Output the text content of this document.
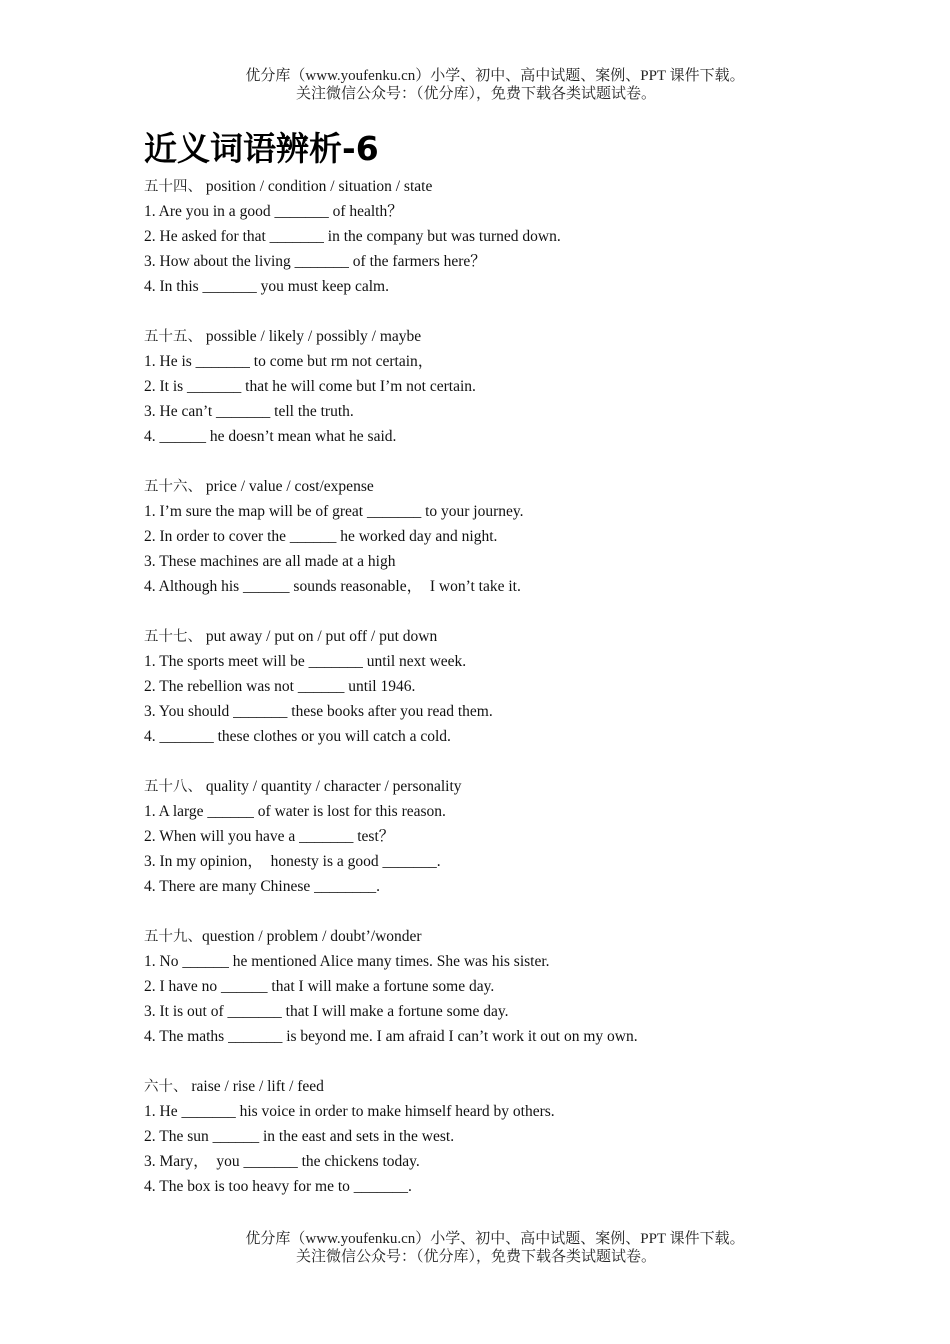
优分库（www.youfenku.cn）小学、初中、高中试题、案例、PPT 课件下载。
关注微信公众号：（优分库），免费下载各类试题试卷。
近义词语辨析-6
五十四、 position / condition / situation / state
1. Are you in a good _______ of health？
2. He asked for that _______ in the company but was turned down.
3. How about the living _______ of the farmers here？
4. In this _______ you must keep calm.
五十五、 possible / likely / possibly / maybe
1. He is _______ to come but rm not certain，
2. It is _______ that he will come but I’m not certain.
3. He can’t _______ tell the truth.
4. ______ he doesn’t mean what he said.
五十六、 price / value / cost/expense
1. I’m sure the map will be of great _______ to your journey.
2. In order to cover the ______ he worked day and night.
3. These machines are all made at a high
4. Although his ______ sounds reasonable，  I won’t take it.
五十七、 put away / put on / put off / put down
1. The sports meet will be _______ until next week.
2. The rebellion was not ______ until 1946.
3. You should _______ these books after you read them.
4. _______ these clothes or you will catch a cold.
五十八、 quality / quantity / character / personality
1. A large ______ of water is lost for this reason.
2. When will you have a _______ test？
3. In my opinion，  honesty is a good _______.
4. There are many Chinese ________.
五十九、question / problem / doubt’/wonder
1. No ______ he mentioned Alice many times. She was his sister.
2. I have no ______ that I will make a fortune some day.
3. It is out of _______ that I will make a fortune some day.
4. The maths _______ is beyond me. I am afraid I can’t work it out on my own.
六十、 raise / rise / lift / feed
1. He _______ his voice in order to make himself heard by others.
2. The sun ______ in the east and sets in the west.
3. Mary，  you _______ the chickens today.
4. The box is too heavy for me to _______.
优分库（www.youfenku.cn）小学、初中、高中试题、案例、PPT 课件下载。
关注微信公众号：（优分库），免费下载各类试题试卷。
